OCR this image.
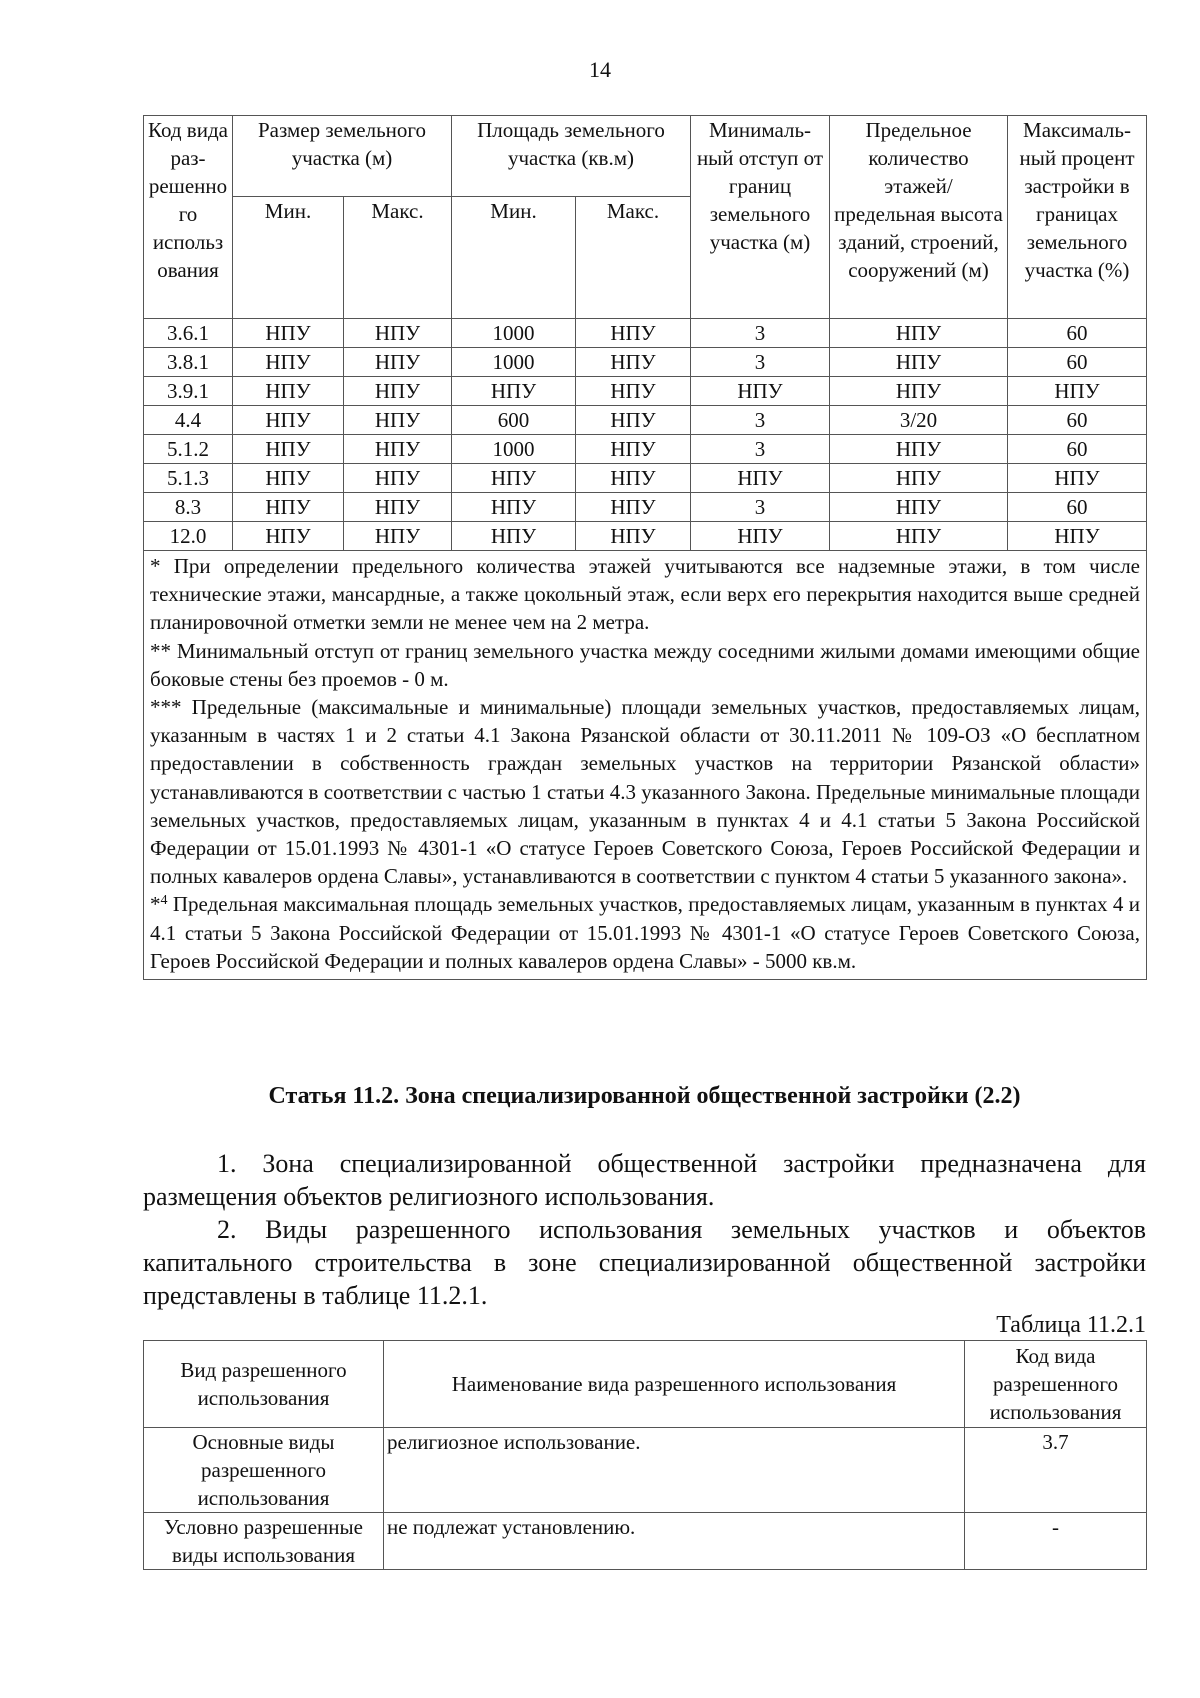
14
Код вида раз- решенно го использ ования	Размер земельного участка (м)		Площадь земельного участка (кв.м)		Минималь- ный отступ от границ земельного участка (м)	Предельное количество этажей/ предельная высота зданий, строений, сооружений (м)	Максималь- ный процент застройки в границах земельного участка (%)
	Мин.	Макс.	Мин.	Макс.			
3.6.1	НПУ	НПУ	1000	НПУ	3	НПУ	60
3.8.1	НПУ	НПУ	1000	НПУ	3	НПУ	60
3.9.1	НПУ	НПУ	НПУ	НПУ	НПУ	НПУ	НПУ
4.4	НПУ	НПУ	600	НПУ	3	3/20	60
5.1.2	НПУ	НПУ	1000	НПУ	3	НПУ	60
5.1.3	НПУ	НПУ	НПУ	НПУ	НПУ	НПУ	НПУ
8.3	НПУ	НПУ	НПУ	НПУ	3	НПУ	60
12.0	НПУ	НПУ	НПУ	НПУ	НПУ	НПУ	НПУ

* При определении предельного количества этажей учитываются все надземные этажи, в том числе технические этажи, мансардные, а также цокольный этаж, если верх его перекрытия находится выше средней планировочной отметки земли не менее чем на 2 метра.

** Минимальный отступ от границ земельного участка между соседними жилыми домами имеющими общие боковые стены без проемов - 0 м.

*** Предельные (максимальные и минимальные) площади земельных участков, предоставляемых лицам, указанным в частях 1 и 2 статьи 4.1 Закона Рязанской области от 30.11.2011 № 109-ОЗ «О бесплатном предоставлении в собственность граждан земельных участков на территории Рязанской области» устанавливаются в соответствии с частью 1 статьи 4.3 указанного Закона. Предельные минимальные площади земельных участков, предоставляемых лицам, указанным в пунктах 4 и 4.1 статьи 5 Закона Российской Федерации от 15.01.1993 № 4301-1 «О статусе Героев Советского Союза, Героев Российской Федерации и полных кавалеров ордена Славы», устанавливаются в соответствии с пунктом 4 статьи 5 указанного закона».

*$^4$ Предельная максимальная площадь земельных участков, предоставляемых лицам, указанным в пунктах 4 и 4.1 статьи 5 Закона Российской Федерации от 15.01.1993 № 4301-1 «О статусе Героев Советского Союза, Героев Российской Федерации и полных кавалеров ордена Славы» - 5000 кв.м.							

Статья 11.2. Зона специализированной общественной застройки (2.2)

1. Зона специализированной общественной застройки предназначена для размещения объектов религиозного использования.

2. Виды разрешенного использования земельных участков и объектов капитального строительства в зоне специализированной общественной застройки представлены в таблице 11.2.1.

Таблица 11.2.1
Вид разрешенного использования	Наименование вида разрешенного использования	Код вида разрешенного использования
Основные виды разрешенного использования	религиозное использование.	3.7
Условно разрешенные виды использования	не подлежат установлению.	-
